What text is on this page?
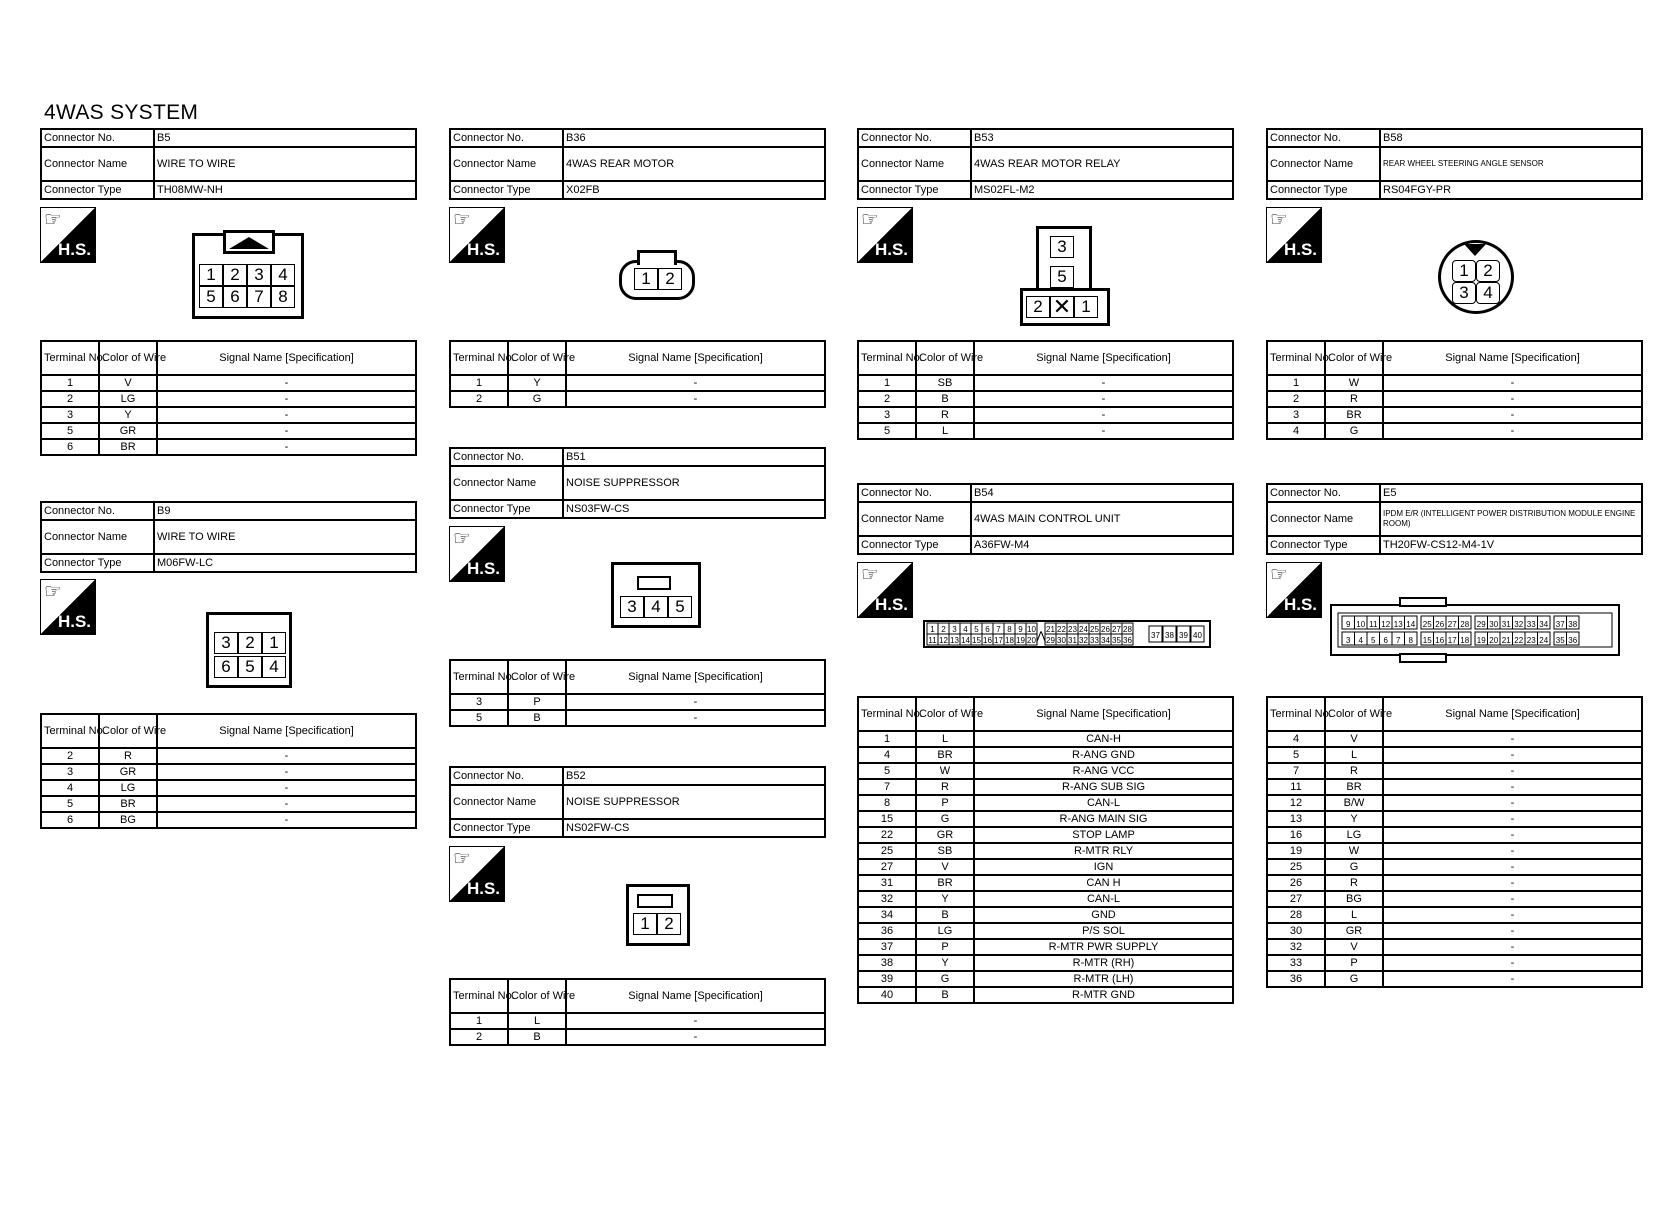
4WAS SYSTEM
Connector No.	B5
Connector Name	WIRE TO WIRE
Connector Type	TH08MW-NH
☞
H.S.
1 2 3 4
5 6 7 8
Terminal No.	Color of Wire	Signal Name [Specification]
1	V	-
2	LG	-
3	Y	-
5	GR	-
6	BR	-
Connector No.	B9
Connector Name	WIRE TO WIRE
Connector Type	M06FW-LC
☞
H.S.
3 2 1
6 5 4
Terminal No.	Color of Wire	Signal Name [Specification]
2	R	-
3	GR	-
4	LG	-
5	BR	-
6	BG	-
Connector No.	B36
Connector Name	4WAS REAR MOTOR
Connector Type	X02FB
☞
H.S.
1 2
Terminal No.	Color of Wire	Signal Name [Specification]
1	Y	-
2	G	-
Connector No.	B51
Connector Name	NOISE SUPPRESSOR
Connector Type	NS03FW-CS
☞
H.S.
3 4 5
Terminal No.	Color of Wire	Signal Name [Specification]
3	P	-
5	B	-
Connector No.	B52
Connector Name	NOISE SUPPRESSOR
Connector Type	NS02FW-CS
☞
H.S.
1 2
Terminal No.	Color of Wire	Signal Name [Specification]
1	L	-
2	B	-
Connector No.	B53
Connector Name	4WAS REAR MOTOR RELAY
Connector Type	MS02FL-M2
☞
H.S.	3
5
2 ✕ 1
Terminal No.	Color of Wire	Signal Name [Specification]
1	SB	-
2	B	-
3	R	-
5	L	-
Connector No.	B54
Connector Name	4WAS MAIN CONTROL UNIT
Connector Type	A36FW-M4
☞
H.S.
1 2 3 4 5 6 7 8 9 10 21 22 23 24 25 26 27 28
11 12 13 14 15 16 17 18 19 20 29 30 31 32 33 34 35 36
⋀	37 38 39 40
Terminal No.	Color of Wire	Signal Name [Specification]
1	L	CAN-H
4	BR	R-ANG GND
5	W	R-ANG VCC
7	R	R-ANG SUB SIG
8	P	CAN-L
15	G	R-ANG MAIN SIG
22	GR	STOP LAMP
25	SB	R-MTR RLY
27	V	IGN
31	BR	CAN H
32	Y	CAN-L
34	B	GND
36	LG	P/S SOL
37	P	R-MTR PWR SUPPLY
38	Y	R-MTR (RH)
39	G	R-MTR (LH)
40	B	R-MTR GND
Connector No.	B58
Connector Name	REAR WHEEL STEERING ANGLE SENSOR
Connector Type	RS04FGY-PR
☞
H.S.
1 2
3 4
Terminal No.	Color of Wire	Signal Name [Specification]
1	W	-
2	R	-
3	BR	-
4	G	-
Connector No.	E5
Connector Name	IPDM E/R (INTELLIGENT POWER DISTRIBUTION MODULE ENGINE ROOM)
Connector Type	TH20FW-CS12-M4-1V
☞
H.S.
9 10 11 12 13 14 25 26 27 28 29 30 31 32 33 34 37 38
3 4 5 6 7 8 15 16 17 18 19 20 21 22 23 24 35 36
Terminal No.	Color of Wire	Signal Name [Specification]
4	V	-
5	L	-
7	R	-
11	BR	-
12	B/W	-
13	Y	-
16	LG	-
19	W	-
25	G	-
26	R	-
27	BG	-
28	L	-
30	GR	-
32	V	-
33	P	-
36	G	-
